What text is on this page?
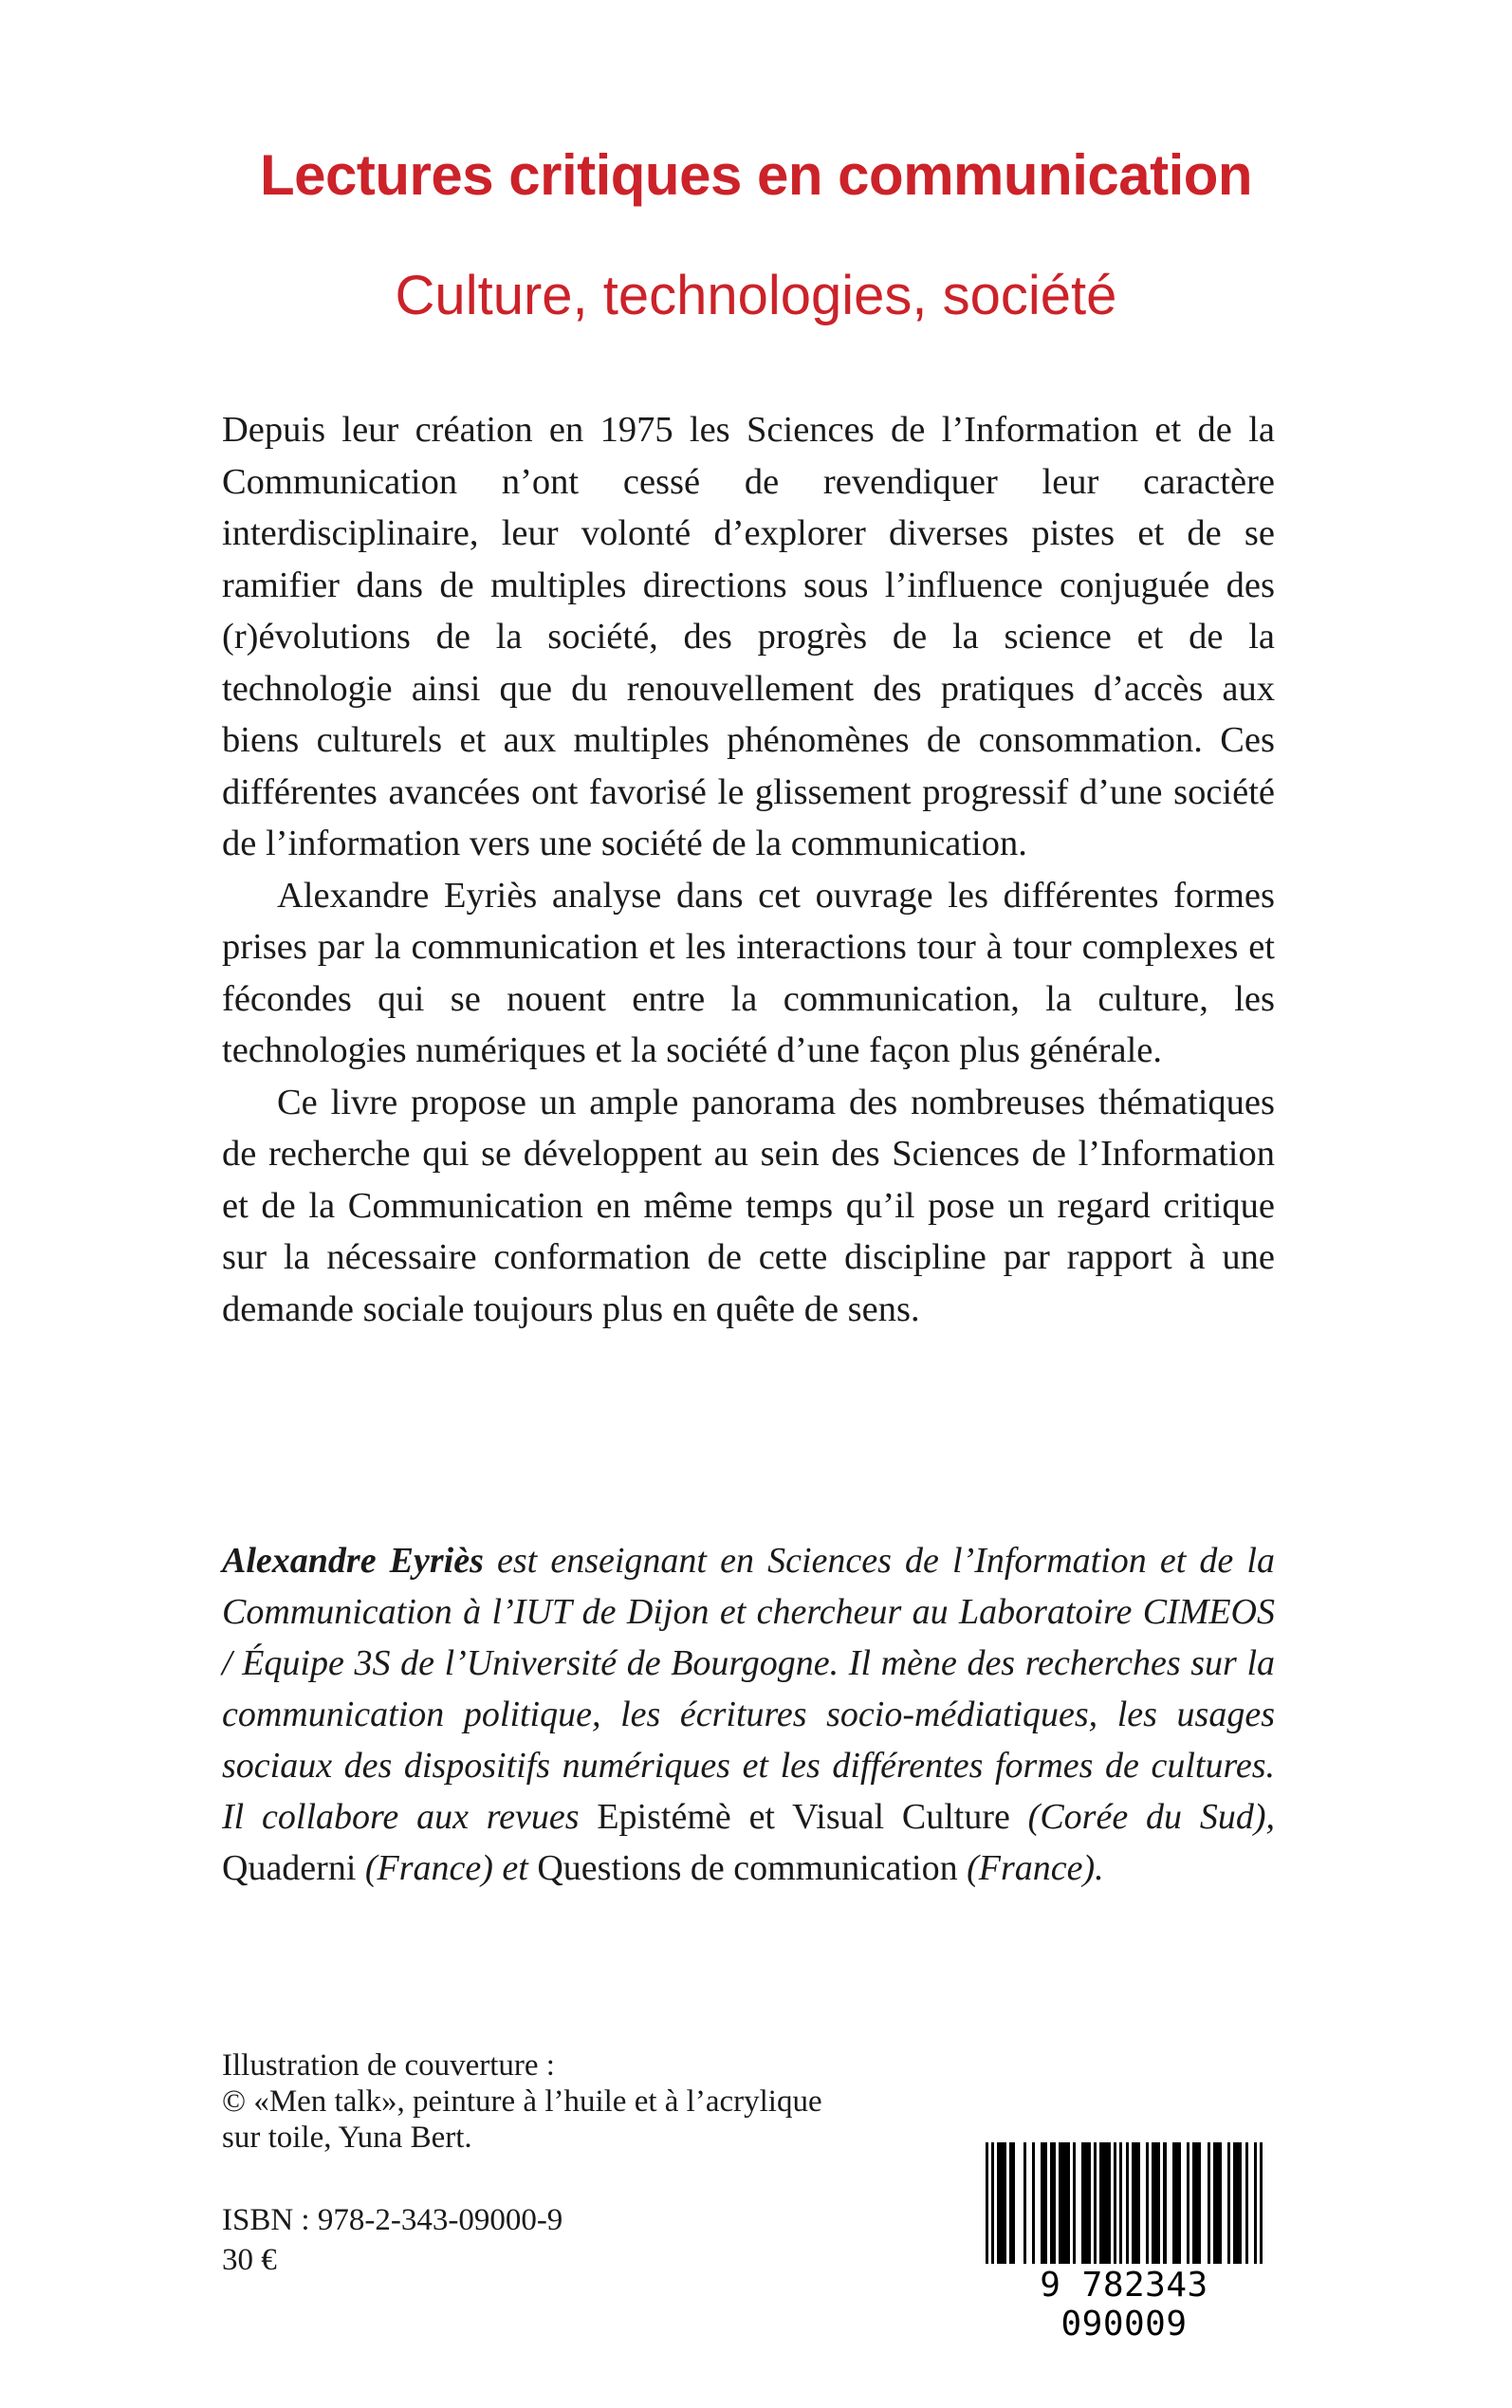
Lectures critiques en communication
Culture, technologies, société

Depuis leur création en 1975 les Sciences de l’Information et de la Communication n’ont cessé de revendiquer leur caractère interdisciplinaire, leur volonté d’explorer diverses pistes et de se ramifier dans de multiples directions sous l’influence conjuguée des (r)évolutions de la société, des progrès de la science et de la technologie ainsi que du renouvellement des pratiques d’accès aux biens culturels et aux multiples phénomènes de consommation. Ces différentes avancées ont favorisé le glissement progressif d’une société de l’information vers une société de la communication.

Alexandre Eyriès analyse dans cet ouvrage les différentes formes prises par la communication et les interactions tour à tour complexes et fécondes qui se nouent entre la communication, la culture, les technologies numériques et la société d’une façon plus générale.

Ce livre propose un ample panorama des nombreuses thématiques de recherche qui se développent au sein des Sciences de l’Information et de la Communication en même temps qu’il pose un regard critique sur la nécessaire conformation de cette discipline par rapport à une demande sociale toujours plus en quête de sens.

Alexandre Eyriès est enseignant en Sciences de l’Information et de la Communication à l’IUT de Dijon et chercheur au Laboratoire CIMEOS / Équipe 3S de l’Université de Bourgogne. Il mène des recherches sur la communication politique, les écritures socio-médiatiques, les usages sociaux des dispositifs numériques et les différentes formes de cultures. Il collabore aux revues Epistémè et Visual Culture (Corée du Sud), Quaderni (France) et Questions de communication (France).

Illustration de couverture :
© «Men talk», peinture à l’huile et à l’acrylique
sur toile, Yuna Bert.
ISBN : 978-2-343-09000-9
30 €
9 782343 090009
